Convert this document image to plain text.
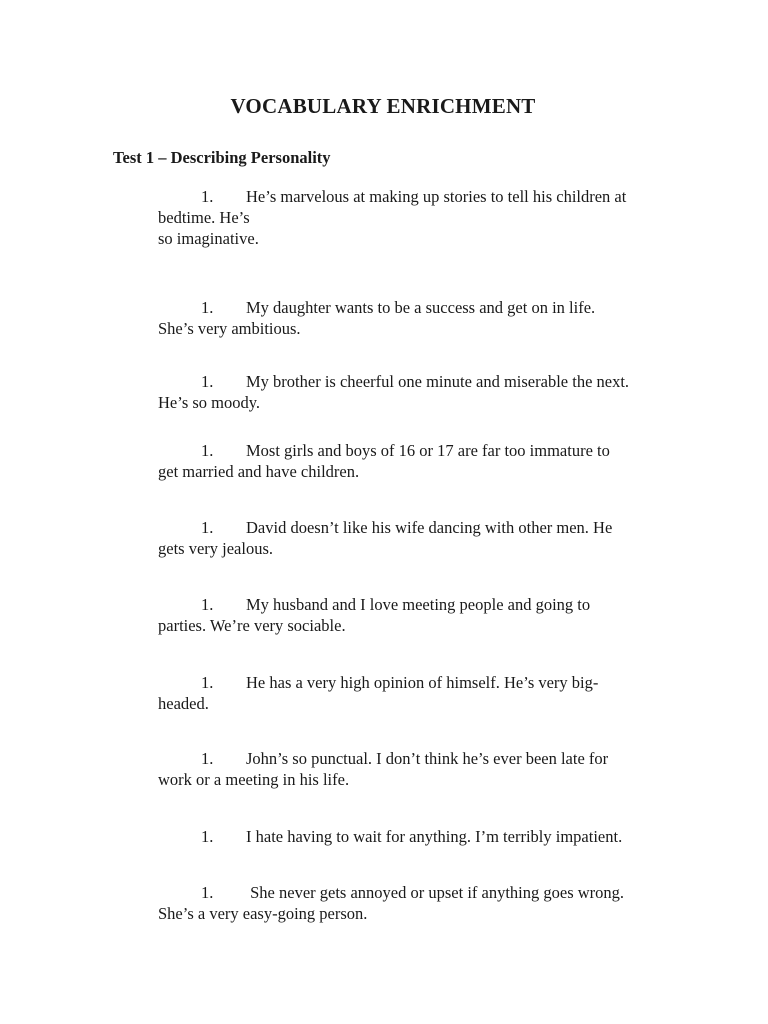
VOCABULARY ENRICHMENT
Test 1 – Describing Personality
1. He’s marvelous at making up stories to tell his children at
bedtime. He’s
so imaginative.
1. My daughter wants to be a success and get on in life.
She’s very ambitious.
1. My brother is cheerful one minute and miserable the next.
He’s so moody.
1. Most girls and boys of 16 or 17 are far too immature to
get married and have children.
1. David doesn’t like his wife dancing with other men. He
gets very jealous.
1. My husband and I love meeting people and going to
parties. We’re very sociable.
1. He has a very high opinion of himself. He’s very big-
headed.
1. John’s so punctual. I don’t think he’s ever been late for
work or a meeting in his life.
1. I hate having to wait for anything. I’m terribly impatient.
1. She never gets annoyed or upset if anything goes wrong.
She’s a very easy-going person.
